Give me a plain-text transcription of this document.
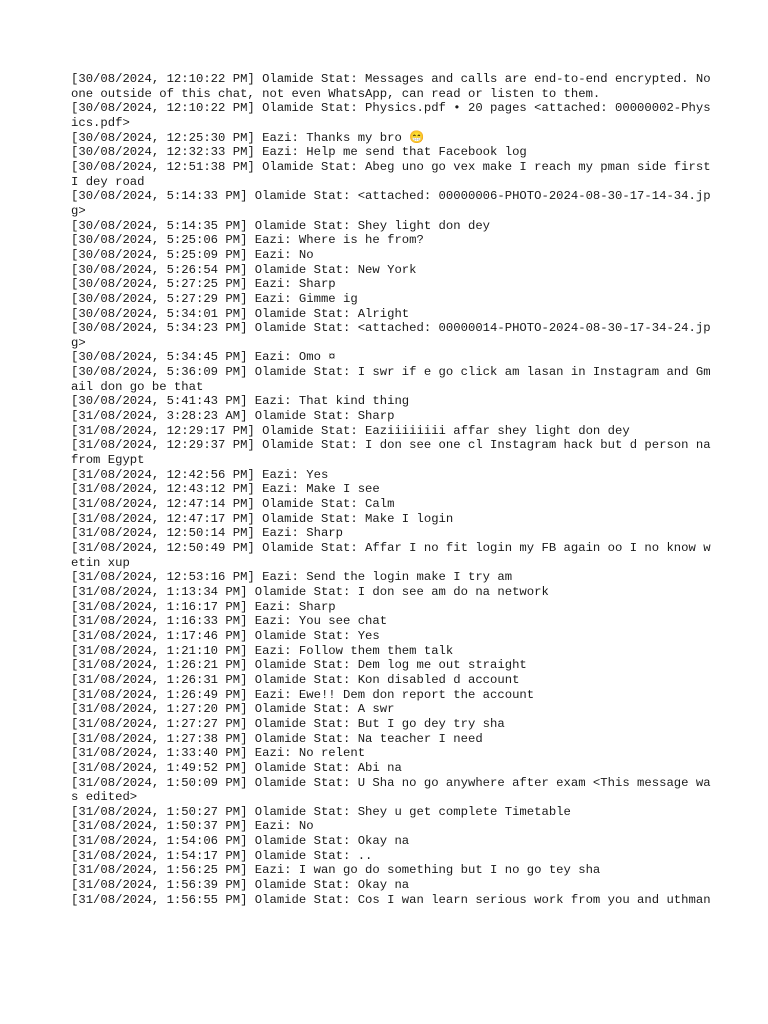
[30/08/2024, 12:10:22 PM] Olamide Stat: Messages and calls are end-to-end encrypted. No one outside of this chat, not even WhatsApp, can read or listen to them.
[30/08/2024, 12:10:22 PM] Olamide Stat: Physics.pdf • 20 pages <attached: 00000002-Physics.pdf>
[30/08/2024, 12:25:30 PM] Eazi: Thanks my bro 😁
[30/08/2024, 12:32:33 PM] Eazi: Help me send that Facebook log
[30/08/2024, 12:51:38 PM] Olamide Stat: Abeg uno go vex make I reach my pman side first I dey road
[30/08/2024, 5:14:33 PM] Olamide Stat: <attached: 00000006-PHOTO-2024-08-30-17-14-34.jpg>
[30/08/2024, 5:14:35 PM] Olamide Stat: Shey light don dey
[30/08/2024, 5:25:06 PM] Eazi: Where is he from?
[30/08/2024, 5:25:09 PM] Eazi: No
[30/08/2024, 5:26:54 PM] Olamide Stat: New York
[30/08/2024, 5:27:25 PM] Eazi: Sharp
[30/08/2024, 5:27:29 PM] Eazi: Gimme ig
[30/08/2024, 5:34:01 PM] Olamide Stat: Alright
[30/08/2024, 5:34:23 PM] Olamide Stat: <attached: 00000014-PHOTO-2024-08-30-17-34-24.jpg>
[30/08/2024, 5:34:45 PM] Eazi: Omo ¤
[30/08/2024, 5:36:09 PM] Olamide Stat: I swr if e go click am lasan in Instagram and Gmail don go be that
[30/08/2024, 5:41:43 PM] Eazi: That kind thing
[31/08/2024, 3:28:23 AM] Olamide Stat: Sharp
[31/08/2024, 12:29:17 PM] Olamide Stat: Eaziiiiiiii affar shey light don dey
[31/08/2024, 12:29:37 PM] Olamide Stat: I don see one cl Instagram hack but d person na from Egypt
[31/08/2024, 12:42:56 PM] Eazi: Yes
[31/08/2024, 12:43:12 PM] Eazi: Make I see
[31/08/2024, 12:47:14 PM] Olamide Stat: Calm
[31/08/2024, 12:47:17 PM] Olamide Stat: Make I login
[31/08/2024, 12:50:14 PM] Eazi: Sharp
[31/08/2024, 12:50:49 PM] Olamide Stat: Affar I no fit login my FB again oo I no know wetin xup
[31/08/2024, 12:53:16 PM] Eazi: Send the login make I try am
[31/08/2024, 1:13:34 PM] Olamide Stat: I don see am do na network
[31/08/2024, 1:16:17 PM] Eazi: Sharp
[31/08/2024, 1:16:33 PM] Eazi: You see chat
[31/08/2024, 1:17:46 PM] Olamide Stat: Yes
[31/08/2024, 1:21:10 PM] Eazi: Follow them them talk
[31/08/2024, 1:26:21 PM] Olamide Stat: Dem log me out straight
[31/08/2024, 1:26:31 PM] Olamide Stat: Kon disabled d account
[31/08/2024, 1:26:49 PM] Eazi: Ewe!! Dem don report the account
[31/08/2024, 1:27:20 PM] Olamide Stat: A swr
[31/08/2024, 1:27:27 PM] Olamide Stat: But I go dey try sha
[31/08/2024, 1:27:38 PM] Olamide Stat: Na teacher I need
[31/08/2024, 1:33:40 PM] Eazi: No relent
[31/08/2024, 1:49:52 PM] Olamide Stat: Abi na
[31/08/2024, 1:50:09 PM] Olamide Stat: U Sha no go anywhere after exam <This message was edited>
[31/08/2024, 1:50:27 PM] Olamide Stat: Shey u get complete Timetable
[31/08/2024, 1:50:37 PM] Eazi: No
[31/08/2024, 1:54:06 PM] Olamide Stat: Okay na
[31/08/2024, 1:54:17 PM] Olamide Stat: ..
[31/08/2024, 1:56:25 PM] Eazi: I wan go do something but I no go tey sha
[31/08/2024, 1:56:39 PM] Olamide Stat: Okay na
[31/08/2024, 1:56:55 PM] Olamide Stat: Cos I wan learn serious work from you and uthman
